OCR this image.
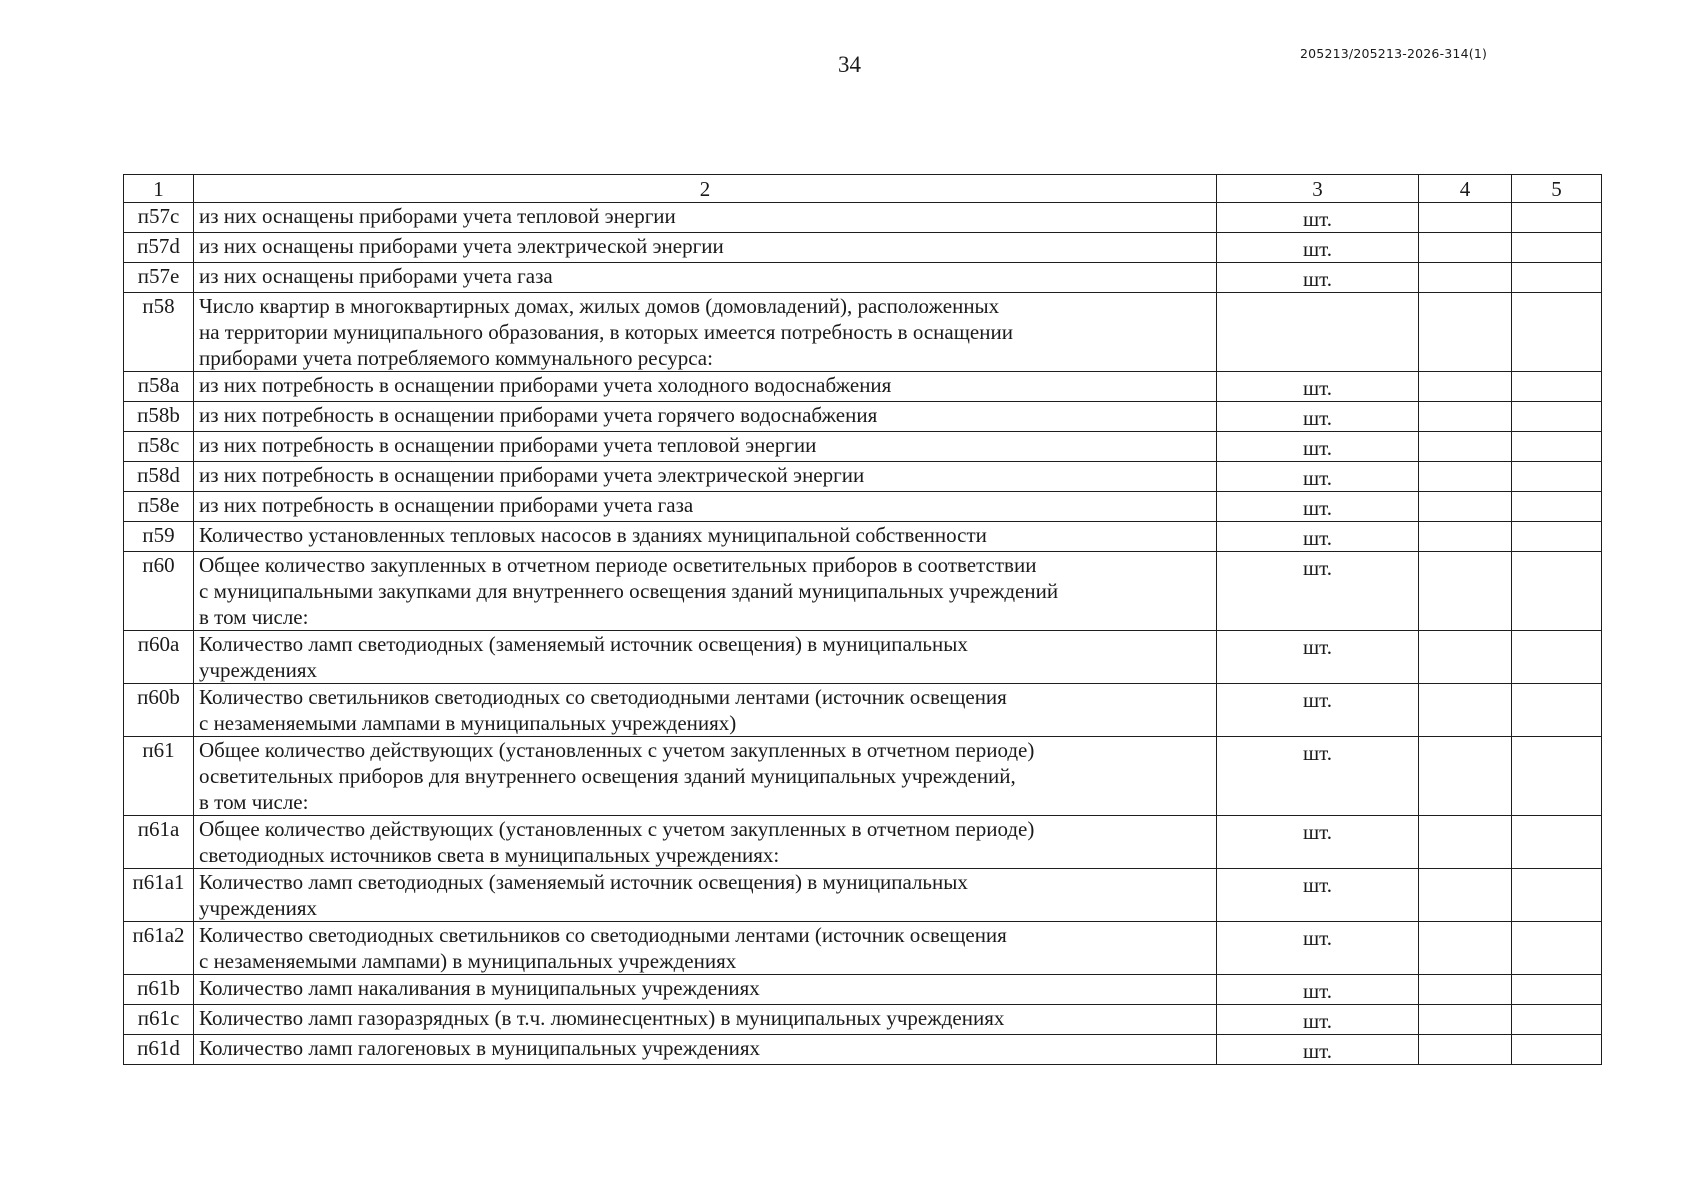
34	205213/205213-2026-314(1)
1	2	3	4	5
п57с	из них оснащены приборами учета тепловой энергии	шт.		
п57d	из них оснащены приборами учета электрической энергии	шт.		
п57е	из них оснащены приборами учета газа	шт.		
п58	Число квартир в многоквартирных домах, жилых домов (домовладений), расположенных
на территории муниципального образования, в которых имеется потребность в оснащении
приборами учета потребляемого коммунального ресурса:			

п58а	из них потребность в оснащении приборами учета холодного водоснабжения	шт.		
п58b	из них потребность в оснащении приборами учета горячего водоснабжения	шт.		
п58с	из них потребность в оснащении приборами учета тепловой энергии	шт.		
п58d	из них потребность в оснащении приборами учета электрической энергии	шт.		
п58е	из них потребность в оснащении приборами учета газа	шт.		
п59	Количество установленных тепловых насосов в зданиях муниципальной собственности	шт.		
п60	Общее количество закупленных в отчетном периоде осветительных приборов в соответствии
с муниципальными закупками для внутреннего освещения зданий муниципальных учреждений
в том числе:	шт.		
п60а	Количество ламп светодиодных (заменяемый источник освещения) в муниципальных
учреждениях	шт.		
п60b	Количество светильников светодиодных со светодиодными лентами (источник освещения
с незаменяемыми лампами в муниципальных учреждениях)	шт.		
п61	Общее количество действующих (установленных с учетом закупленных в отчетном периоде)
осветительных приборов для внутреннего освещения зданий муниципальных учреждений,
в том числе:	шт.		
п61а	Общее количество действующих (установленных с учетом закупленных в отчетном периоде)
светодиодных источников света в муниципальных учреждениях:	шт.		
п61а1	Количество ламп светодиодных (заменяемый источник освещения) в муниципальных
учреждениях	шт.		
п61а2	Количество светодиодных светильников со светодиодными лентами (источник освещения
с незаменяемыми лампами) в муниципальных учреждениях	шт.		
п61b	Количество ламп накаливания в муниципальных учреждениях	шт.		
п61с	Количество ламп газоразрядных (в т.ч. люминесцентных) в муниципальных учреждениях	шт.		
п61d	Количество ламп галогеновых в муниципальных учреждениях	шт.		
